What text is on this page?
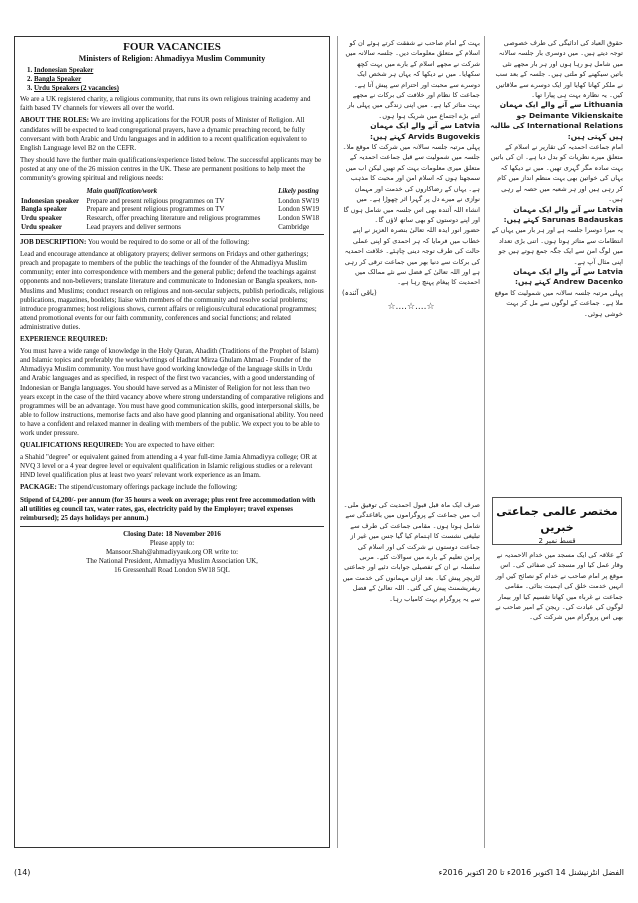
FOUR VACANCIES
Ministers of Religion: Ahmadiyya Muslim Community
1. Indonesian Speaker
2. Bangla Speaker
3. Urdu Speakers (2 vacancies)

We are a UK registered charity, a religious community, that runs its own religious training academy and faith based TV channels for viewers all over the world.

ABOUT THE ROLES: We are inviting applications for the FOUR posts of Minister of Religion. All candidates will be expected to lead congregational prayers, have a dynamic preaching record, be fully conversant with both Arabic and Urdu languages and in addition to a recent qualification equivalent to English Language level B2 on the CEFR.

They should have the further main qualifications/experience listed below. The successful applicants may be posted at any one of the 26 mission centres in the UK. These are permanent positions to help meet the community's growing spiritual and religious needs:

	Main qualification/work	Likely posting
Indonesian speaker	Prepare and present religious programmes on TV	London SW19
Bangla speaker	Prepare and present religious programmes on TV	London SW19
Urdu speaker	Research, offer preaching literature and religious programmes	London SW18
Urdu speaker	Lead prayers and deliver sermons	Cambridge

JOB DESCRIPTION: You would be required to do some or all of the following:

Lead and encourage attendance at obligatory prayers; deliver sermons on Fridays and other gatherings; preach and propagate to members of the public the teachings of the founder of the Ahmadiyya Muslim community; enter into correspondence with members and the general public; defend the teachings against opponents and non-believers; translate literature and communicate to Indonesian or Bangla speakers, non-Muslims and Muslims; conduct research on religious and non-secular subjects, publish periodicals, religious publications, magazines, booklets; liaise with members of the community and resolve social problems; introduce programmes; host religious shows, current affairs or religious/cultural educational programmes; attend promotional events for our faith community, conferences and social functions; and related administrative duties.

EXPERIENCE REQUIRED:

You must have a wide range of knowledge in the Holy Quran, Ahadith (Traditions of the Prophet of Islam) and Islamic topics and preferably the works/writings of Hadhrat Mirza Ghulam Ahmad - Founder of the Ahmadiyya Muslim community. You must have good working knowledge of the language skills in Urdu and Arabic languages and as specified, in respect of the first two vacancies, with a good understanding of Indonesian or Bangla languages. You should have served as a Minister of Religion for not less than two years except in the case of the third vacancy above where strong understanding of comparative religions and programmes will be an advantage. You must have good communication skills, good interpersonal skills, be able to follow instructions, memorise facts and also have good planning and organisational ability. You need to have a confident and relaxed manner in dealing with members of the public. We expect you to be able to work under pressure.

QUALIFICATIONS REQUIRED: You are expected to have either:

a Shahid "degree" or equivalent gained from attending a 4 year full-time Jamia Ahmadiyya college; OR at NVQ 3 level or a 4 year degree level or equivalent qualification in Islamic religious studies or a relevant HND level qualification plus at least two years' relevant work experience as an Imam.

PACKAGE: The stipend/customary offerings package include the following:

Stipend of £4,200/- per annum (for 35 hours a week on average; plus rent free accommodation with all utilities eg council tax, water rates, gas, electricity paid by the Employer; travel expenses reimbursed); 25 days holidays per annum.)

Closing Date: 18 November 2016
Please apply to:
Mansoor.Shah@ahmadiyyauk.org OR write to:
The National President, Ahmadiyya Muslim Association UK,
16 Gressenhall Road London SW18 5QL
بہت کے امام صاحب نے شفقت کرتے ہوئے ان کو اسلام کے متعلق معلومات دیں۔ جلسہ سالانہ میں شرکت نے مجھے اسلام کے بارے میں بہت کچھ سکھایا۔ میں نے دیکھا کہ یہاں ہر شخص ایک دوسرے سے محبت اور احترام سے پیش آتا ہے۔ جماعت کا نظام اور خلافت کی برکات نے مجھے بہت متاثر کیا ہے۔ میں اپنی زندگی میں پہلی بار اتنے بڑے اجتماع میں شریک ہوا ہوں۔
Latvia سے آنے والے ایک مہمان Arvids Bugovekis کہتے ہیں:
پہلی مرتبہ جلسہ سالانہ میں شرکت کا موقع ملا۔ جلسہ میں شمولیت سے قبل جماعت احمدیہ کے متعلق میری معلومات بہت کم تھیں لیکن اب میں سمجھتا ہوں کہ اسلام امن اور محبت کا مذہب ہے۔ یہاں کے رضاکاروں کی خدمت اور مہمان نوازی نے میرے دل پر گہرا اثر چھوڑا ہے۔ میں انشاء اللہ آئندہ بھی اس جلسہ میں شامل ہوں گا اور اپنے دوستوں کو بھی ساتھ لاؤں گا۔
حضور انور ایدہ اللہ تعالیٰ بنصرہ العزیز نے اپنے خطاب میں فرمایا کہ ہر احمدی کو اپنی عملی حالت کی طرف توجہ دینی چاہئے۔ خلافت احمدیہ کی برکات سے دنیا بھر میں جماعت ترقی کر رہی ہے اور اللہ تعالیٰ کے فضل سے نئے ممالک میں احمدیت کا پیغام پہنچ رہا ہے۔
(باقی آئندہ)
☆....☆....☆
حقوق العباد کی ادائیگی کی طرف خصوصی توجہ دیتے ہیں۔ میں دوسری بار جلسہ سالانہ میں شامل ہو رہا ہوں اور ہر بار مجھے نئی باتیں سیکھنے کو ملتی ہیں۔ جلسہ کے بعد سب نے ملکر کھانا کھایا اور ایک دوسرے سے ملاقاتیں کیں۔ یہ نظارہ بہت ہی پیارا تھا۔
Lithuania سے آنے والے ایک مہمان Deimante Vikienskaite جو International Relations کی طالبہ ہیں کہتی ہیں:
امام جماعت احمدیہ کی تقاریر نے اسلام کے متعلق میرے نظریات کو بدل دیا ہے۔ ان کی باتیں بہت سادہ مگر گہری تھیں۔ میں نے دیکھا کہ یہاں کی خواتین بھی بہت منظم انداز میں کام کر رہی ہیں اور ہر شعبہ میں حصہ لے رہی ہیں۔
Latvia سے آنے والے ایک مہمان Sarunas Badauskas کہتے ہیں:
یہ میرا دوسرا جلسہ ہے اور ہر بار میں یہاں کے انتظامات سے متاثر ہوتا ہوں۔ اتنی بڑی تعداد میں لوگ امن سے ایک جگہ جمع ہوتے ہیں جو اپنی مثال آپ ہے۔
Latvia سے آنے والے ایک مہمان Andrew Dacenko کہتے ہیں:
پہلی مرتبہ جلسہ سالانہ میں شمولیت کا موقع ملا ہے۔ جماعت کے لوگوں سے مل کر بہت خوشی ہوئی۔
مختصر عالمی جماعتی خبریں
قسط نمبر 2
صرف ایک ماہ قبل قبول احمدیت کی توفیق ملی۔ اب میں جماعت کے پروگراموں میں باقاعدگی سے شامل ہوتا ہوں۔ مقامی جماعت کی طرف سے تبلیغی نشست کا اہتمام کیا گیا جس میں غیر از جماعت دوستوں نے شرکت کی اور اسلام کی پرامن تعلیم کے بارے میں سوالات کئے۔ مربی سلسلہ نے ان کے تفصیلی جوابات دئیے اور جماعتی لٹریچر پیش کیا۔ بعد ازاں مہمانوں کی خدمت میں ریفریشمنٹ پیش کی گئی۔ اللہ تعالیٰ کے فضل سے یہ پروگرام بہت کامیاب رہا۔
کے علاقہ کی ایک مسجد میں خدام الاحمدیہ نے وقار عمل کیا اور مسجد کی صفائی کی۔ اس موقع پر امام صاحب نے خدام کو نصائح کیں اور انہیں خدمت خلق کی اہمیت بتائی۔ مقامی جماعت نے غرباء میں کھانا تقسیم کیا اور بیمار لوگوں کی عیادت کی۔ ریجن کے امیر صاحب نے بھی اس پروگرام میں شرکت کی۔
(14)	الفضل انٹرنیشنل 14 اکتوبر 2016ء تا 20 اکتوبر 2016ء
